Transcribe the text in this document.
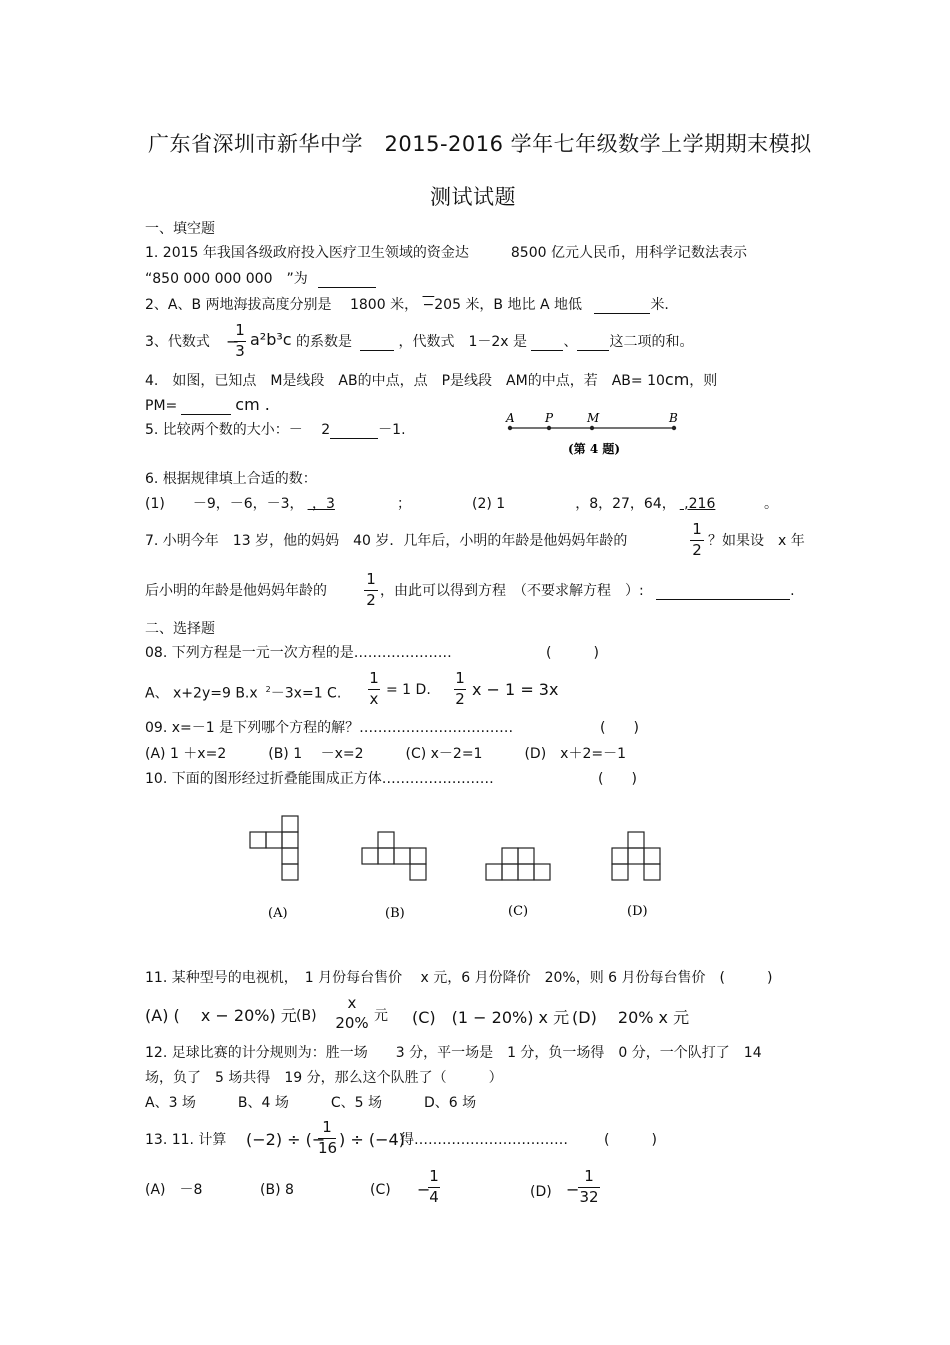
广东省深圳市新华中学　2015-2016 学年七年级数学上学期期末模拟
测试试题
一、填空题
1. 2015 年我国各级政府投入医疗卫生领域的资金达　　　8500 亿元人民币，用科学记数法表示
“850 000 000 000　”为
2、A、B 两地海拔高度分别是　 1800 米， −205 米，B 地比 A 地低	米.
3、代数式 −
1
3
a²b³c 的系数是	，代数式　1－2x 是	、 这二项的和。
4.　如图，已知点　M是线段　AB的中点，点　P是线段　AM的中点，若　AB= 10cm，则
PM=	cm .
5. 比较两个数的大小：－　 2	－1.
A	P	M	B
(第 4 题)
6. 根据规律填上合适的数：
(1)　　－9，－6，－3， ，3	；	(2) 1　　　　　，8，27，64， ,216	。
7. 小明今年　13 岁，他的妈妈　40 岁．几年后，小明的年龄是他妈妈年龄的
1
2 ？如果设　x 年
后小明的年龄是他妈妈年龄的
1
2 ，由此可以得到方程　（不要求解方程　）:	.
二、选择题
08. 下列方程是一元一次方程的是…………………	(　　　)
A、 x+2y=9 B.x $^2$－3x=1 C.
1
x = 1 D.
1
2 x − 1 = 3x
09. x=－1 是下列哪个方程的解？……………………………	(　　)
(A) 1 ＋x=2　　　(B) 1　 －x=2　　　(C) x－2=1　　　(D)　x＋2=－1
10. 下面的图形经过折叠能围成正方体……………………	(　　)
(A)	(B)	(C)	(D)
11. 某种型号的电视机，　1 月份每台售价　 x 元，6 月份降价　20%，则 6 月份每台售价　(　　　)
(A) (　 x − 20%) 元 (B)
x
20% 元 (C)　(1 − 20%) x 元 (D)　 20% x 元
12. 足球比赛的计分规则为：胜一场　　3 分，平一场是　1 分，负一场得　0 分，一个队打了　14
场，负了　5 场共得　19 分，那么这个队胜了（　　　）
A、3 场　　　B、4 场　　　C、5 场　　　D、6 场
13. 11. 计算 (−2) ÷ (−
1
16 ) ÷ (−4)
得……………………………	(　　　)
(A)　－8	(B) 8	(C) −
1
4	(D) −
1
32
